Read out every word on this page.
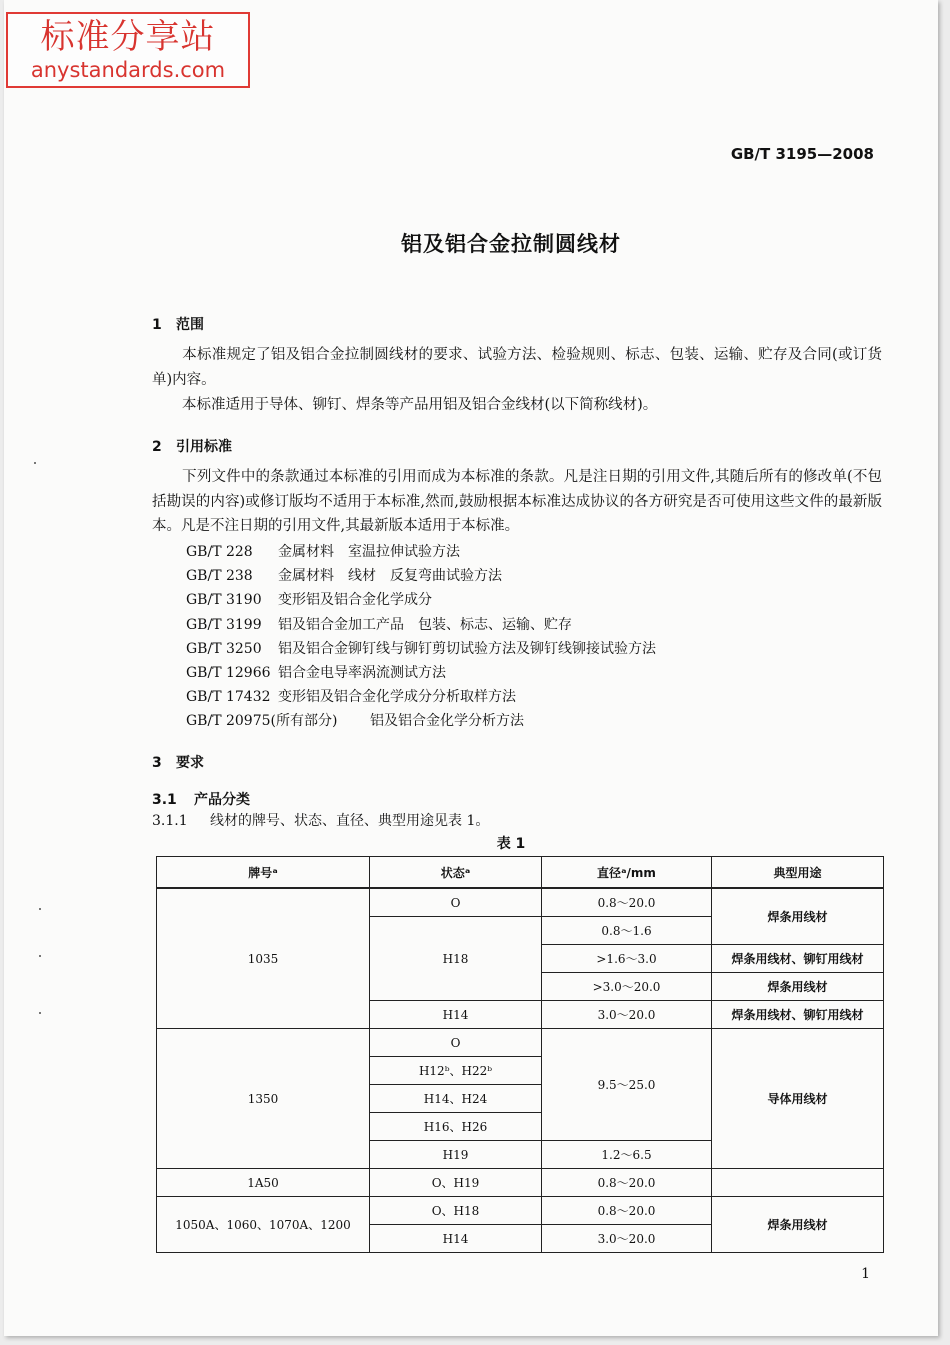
标准分享站
anystandards.com
GB/T 3195—2008
铝及铝合金拉制圆线材
1 范围
本标准规定了铝及铝合金拉制圆线材的要求、试验方法、检验规则、标志、包装、运输、贮存及合同(或订货单)内容。
本标准适用于导体、铆钉、焊条等产品用铝及铝合金线材(以下简称线材)。
2 引用标准
下列文件中的条款通过本标准的引用而成为本标准的条款。凡是注日期的引用文件,其随后所有的修改单(不包括勘误的内容)或修订版均不适用于本标准,然而,鼓励根据本标准达成协议的各方研究是否可使用这些文件的最新版本。凡是不注日期的引用文件,其最新版本适用于本标准。
GB/T 228 金属材料　室温拉伸试验方法
GB/T 238 金属材料　线材　反复弯曲试验方法
GB/T 3190 变形铝及铝合金化学成分
GB/T 3199 铝及铝合金加工产品　包装、标志、运输、贮存
GB/T 3250 铝及铝合金铆钉线与铆钉剪切试验方法及铆钉线铆接试验方法
GB/T 12966 铝合金电导率涡流测试方法
GB/T 17432 变形铝及铝合金化学成分分析取样方法
GB/T 20975(所有部分) 铝及铝合金化学分析方法
3 要求
3.1 产品分类
3.1.1 线材的牌号、状态、直径、典型用途见表 1。
表 1
牌号ᵃ	状态ᵃ	直径ᵃ/mm	典型用途
1035	O	0.8～20.0	焊条用线材
	H18	0.8～1.6	
		>1.6～3.0	焊条用线材、铆钉用线材
		>3.0～20.0	焊条用线材
	H14	3.0～20.0	焊条用线材、铆钉用线材
1350	O	9.5～25.0	导体用线材
	H12ᵇ、H22ᵇ		
	H14、H24		
	H16、H26		
	H19	1.2～6.5	
1A50	O、H19	0.8～20.0	
1050A、1060、1070A、1200	O、H18	0.8～20.0	焊条用线材
	H14	3.0～20.0	
1
